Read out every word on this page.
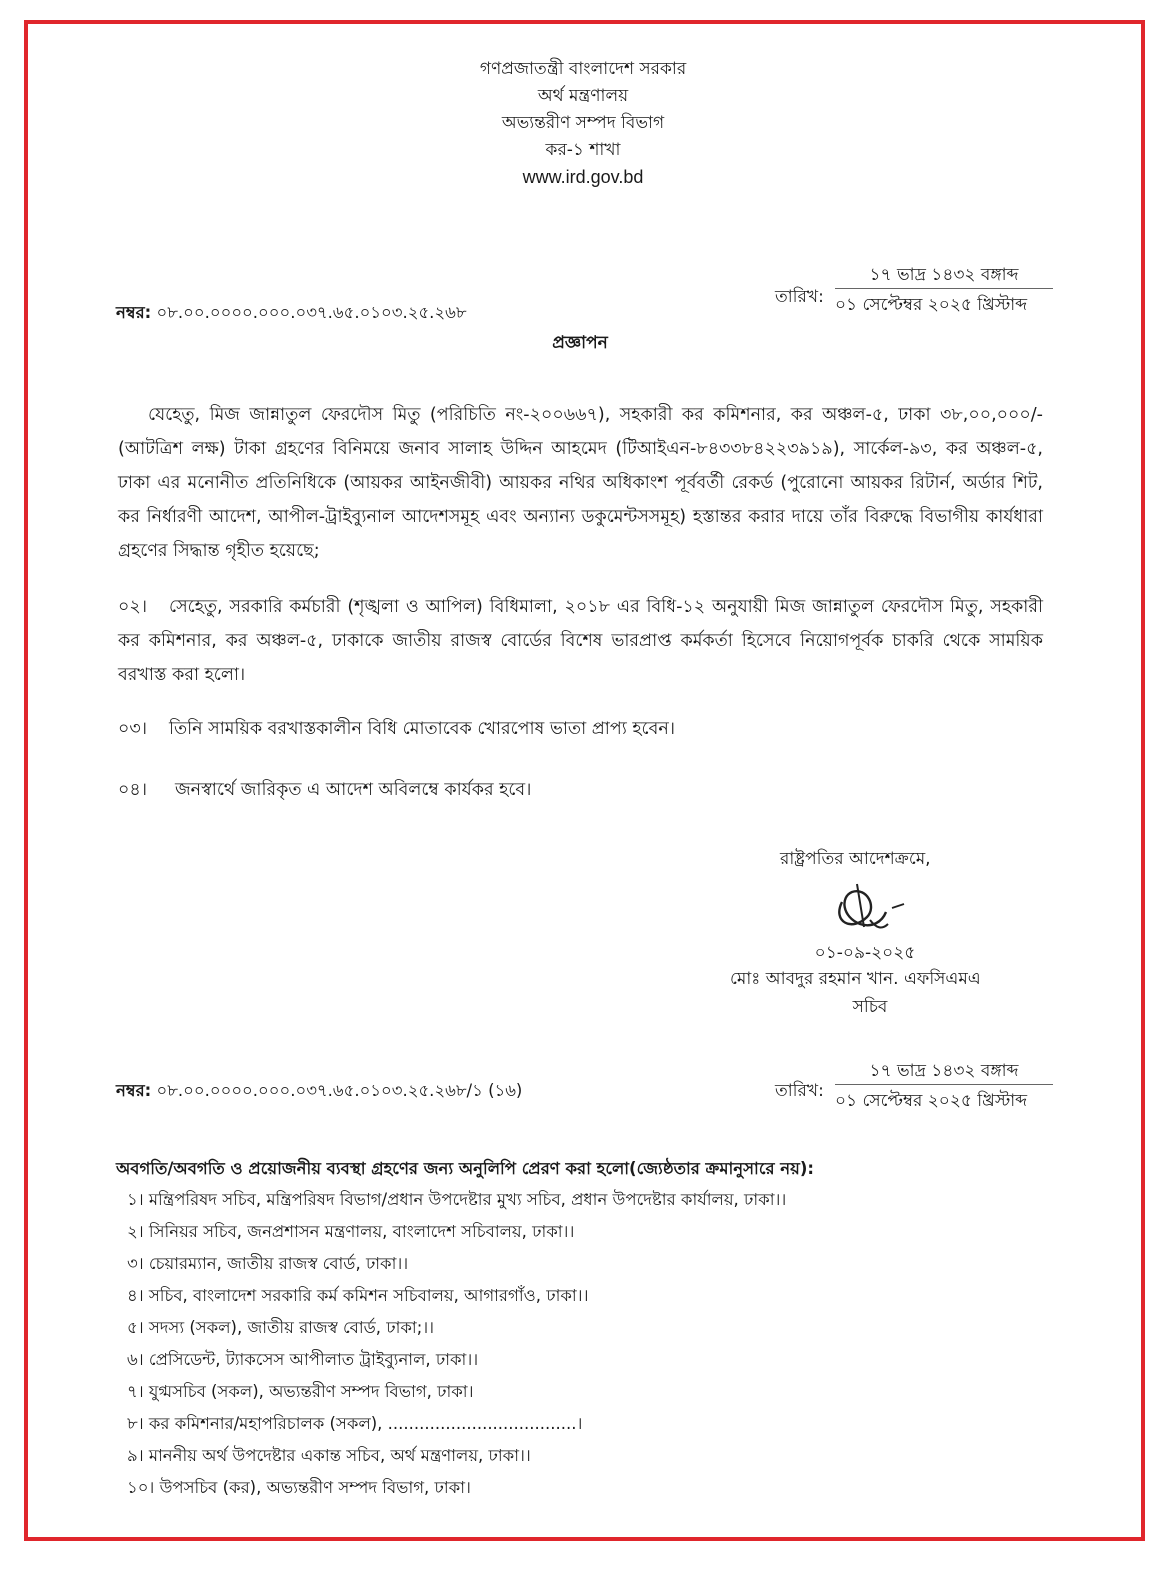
গণপ্রজাতন্ত্রী বাংলাদেশ সরকার
অর্থ মন্ত্রণালয়
অভ্যন্তরীণ সম্পদ বিভাগ
কর-১ শাখা
www.ird.gov.bd
নম্বর: ০৮.০০.০০০০.০০০.০৩৭.৬৫.০১০৩.২৫.২৬৮
তারিখ:
১৭ ভাদ্র ১৪৩২ বঙ্গাব্দ
০১ সেপ্টেম্বর ২০২৫ খ্রিস্টাব্দ
প্রজ্ঞাপন
যেহেতু, মিজ জান্নাতুল ফেরদৌস মিতু (পরিচিতি নং-২০০৬৬৭), সহকারী কর কমিশনার, কর অঞ্চল-৫, ঢাকা ৩৮,০০,০০০/- (আটত্রিশ লক্ষ) টাকা গ্রহণের বিনিময়ে জনাব সালাহ উদ্দিন আহমেদ (টিআইএন-৮৪৩৩৮৪২২৩৯১৯), সার্কেল-৯৩, কর অঞ্চল-৫, ঢাকা এর মনোনীত প্রতিনিধিকে (আয়কর আইনজীবী) আয়কর নথির অধিকাংশ পূর্ববর্তী রেকর্ড (পুরোনো আয়কর রিটার্ন, অর্ডার শিট, কর নির্ধারণী আদেশ, আপীল-ট্রাইব্যুনাল আদেশসমূহ এবং অন্যান্য ডকুমেন্টসসমূহ) হস্তান্তর করার দায়ে তাঁর বিরুদ্ধে বিভাগীয় কার্যধারা গ্রহণের সিদ্ধান্ত গৃহীত হয়েছে;
০২। সেহেতু, সরকারি কর্মচারী (শৃঙ্খলা ও আপিল) বিধিমালা, ২০১৮ এর বিধি-১২ অনুযায়ী মিজ জান্নাতুল ফেরদৌস মিতু, সহকারী কর কমিশনার, কর অঞ্চল-৫, ঢাকাকে জাতীয় রাজস্ব বোর্ডের বিশেষ ভারপ্রাপ্ত কর্মকর্তা হিসেবে নিয়োগপূর্বক চাকরি থেকে সাময়িক বরখাস্ত করা হলো।
০৩। তিনি সাময়িক বরখাস্তকালীন বিধি মোতাবেক খোরপোষ ভাতা প্রাপ্য হবেন।
০৪। জনস্বার্থে জারিকৃত এ আদেশ অবিলম্বে কার্যকর হবে।
রাষ্ট্রপতির আদেশক্রমে,
০১-০৯-২০২৫
মোঃ আবদুর রহমান খান. এফসিএমএ
সচিব
নম্বর: ০৮.০০.০০০০.০০০.০৩৭.৬৫.০১০৩.২৫.২৬৮/১ (১৬)	তারিখ:
১৭ ভাদ্র ১৪৩২ বঙ্গাব্দ
০১ সেপ্টেম্বর ২০২৫ খ্রিস্টাব্দ
অবগতি/অবগতি ও প্রয়োজনীয় ব্যবস্থা গ্রহণের জন্য অনুলিপি প্রেরণ করা হলো(জ্যেষ্ঠতার ক্রমানুসারে নয়):
১। মন্ত্রিপরিষদ সচিব, মন্ত্রিপরিষদ বিভাগ/প্রধান উপদেষ্টার মুখ্য সচিব, প্রধান উপদেষ্টার কার্যালয়, ঢাকা।।
২। সিনিয়র সচিব, জনপ্রশাসন মন্ত্রণালয়, বাংলাদেশ সচিবালয়, ঢাকা।।
৩। চেয়ারম্যান, জাতীয় রাজস্ব বোর্ড, ঢাকা।।
৪। সচিব, বাংলাদেশ সরকারি কর্ম কমিশন সচিবালয়, আগারগাঁও, ঢাকা।।
৫। সদস্য (সকল), জাতীয় রাজস্ব বোর্ড, ঢাকা;।।
৬। প্রেসিডেন্ট, ট্যাকসেস আপীলাত ট্রাইব্যুনাল, ঢাকা।।
৭। যুগ্মসচিব (সকল), অভ্যন্তরীণ সম্পদ বিভাগ, ঢাকা।
৮। কর কমিশনার/মহাপরিচালক (সকল), ....................................।
৯। মাননীয় অর্থ উপদেষ্টার একান্ত সচিব, অর্থ মন্ত্রণালয়, ঢাকা।।
১০। উপসচিব (কর), অভ্যন্তরীণ সম্পদ বিভাগ, ঢাকা।
